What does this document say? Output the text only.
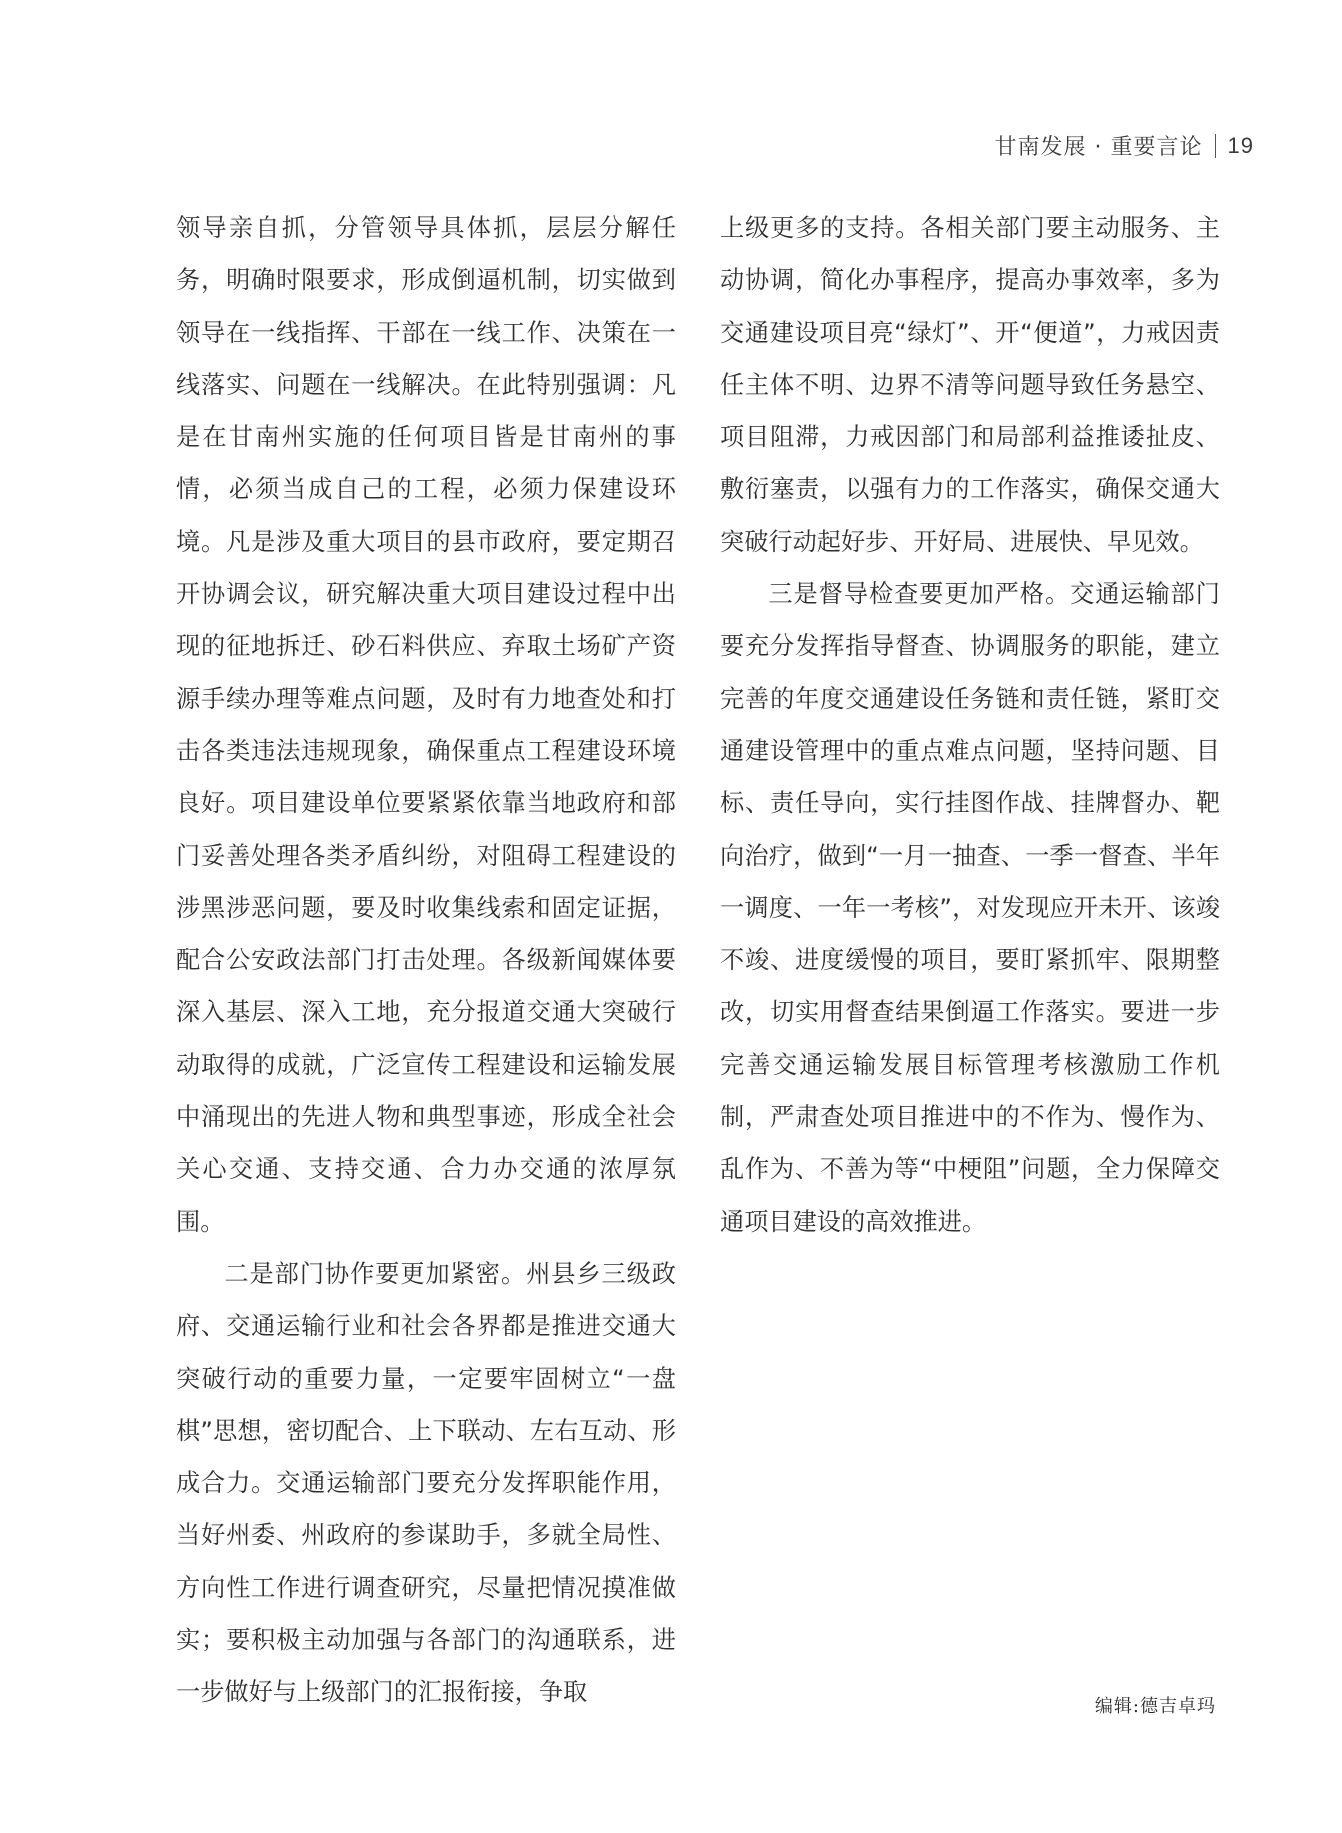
甘南发展 · 重要言论 19

领导亲自抓，分管领导具体抓，层层分解任务，明确时限要求，形成倒逼机制，切实做到领导在一线指挥、干部在一线工作、决策在一线落实、问题在一线解决。在此特别强调：凡是在甘南州实施的任何项目皆是甘南州的事情，必须当成自己的工程，必须力保建设环境。凡是涉及重大项目的县市政府，要定期召开协调会议，研究解决重大项目建设过程中出现的征地拆迁、砂石料供应、弃取土场矿产资源手续办理等难点问题，及时有力地查处和打击各类违法违规现象，确保重点工程建设环境良好。项目建设单位要紧紧依靠当地政府和部门妥善处理各类矛盾纠纷，对阻碍工程建设的涉黑涉恶问题，要及时收集线索和固定证据，配合公安政法部门打击处理。各级新闻媒体要深入基层、深入工地，充分报道交通大突破行动取得的成就，广泛宣传工程建设和运输发展中涌现出的先进人物和典型事迹，形成全社会关心交通、支持交通、合力办交通的浓厚氛围。

二是部门协作要更加紧密。州县乡三级政府、交通运输行业和社会各界都是推进交通大突破行动的重要力量，一定要牢固树立“一盘棋”思想，密切配合、上下联动、左右互动、形成合力。交通运输部门要充分发挥职能作用，当好州委、州政府的参谋助手，多就全局性、方向性工作进行调查研究，尽量把情况摸准做实；要积极主动加强与各部门的沟通联系，进一步做好与上级部门的汇报衔接，争取

上级更多的支持。各相关部门要主动服务、主动协调，简化办事程序，提高办事效率，多为交通建设项目亮“绿灯”、开“便道”，力戒因责任主体不明、边界不清等问题导致任务悬空、项目阻滞，力戒因部门和局部利益推诿扯皮、敷衍塞责，以强有力的工作落实，确保交通大突破行动起好步、开好局、进展快、早见效。

三是督导检查要更加严格。交通运输部门要充分发挥指导督查、协调服务的职能，建立完善的年度交通建设任务链和责任链，紧盯交通建设管理中的重点难点问题，坚持问题、目标、责任导向，实行挂图作战、挂牌督办、靶向治疗，做到“一月一抽查、一季一督查、半年一调度、一年一考核”，对发现应开未开、该竣不竣、进度缓慢的项目，要盯紧抓牢、限期整改，切实用督查结果倒逼工作落实。要进一步完善交通运输发展目标管理考核激励工作机制，严肃查处项目推进中的不作为、慢作为、乱作为、不善为等“中梗阻”问题，全力保障交通项目建设的高效推进。

编辑:德吉卓玛
